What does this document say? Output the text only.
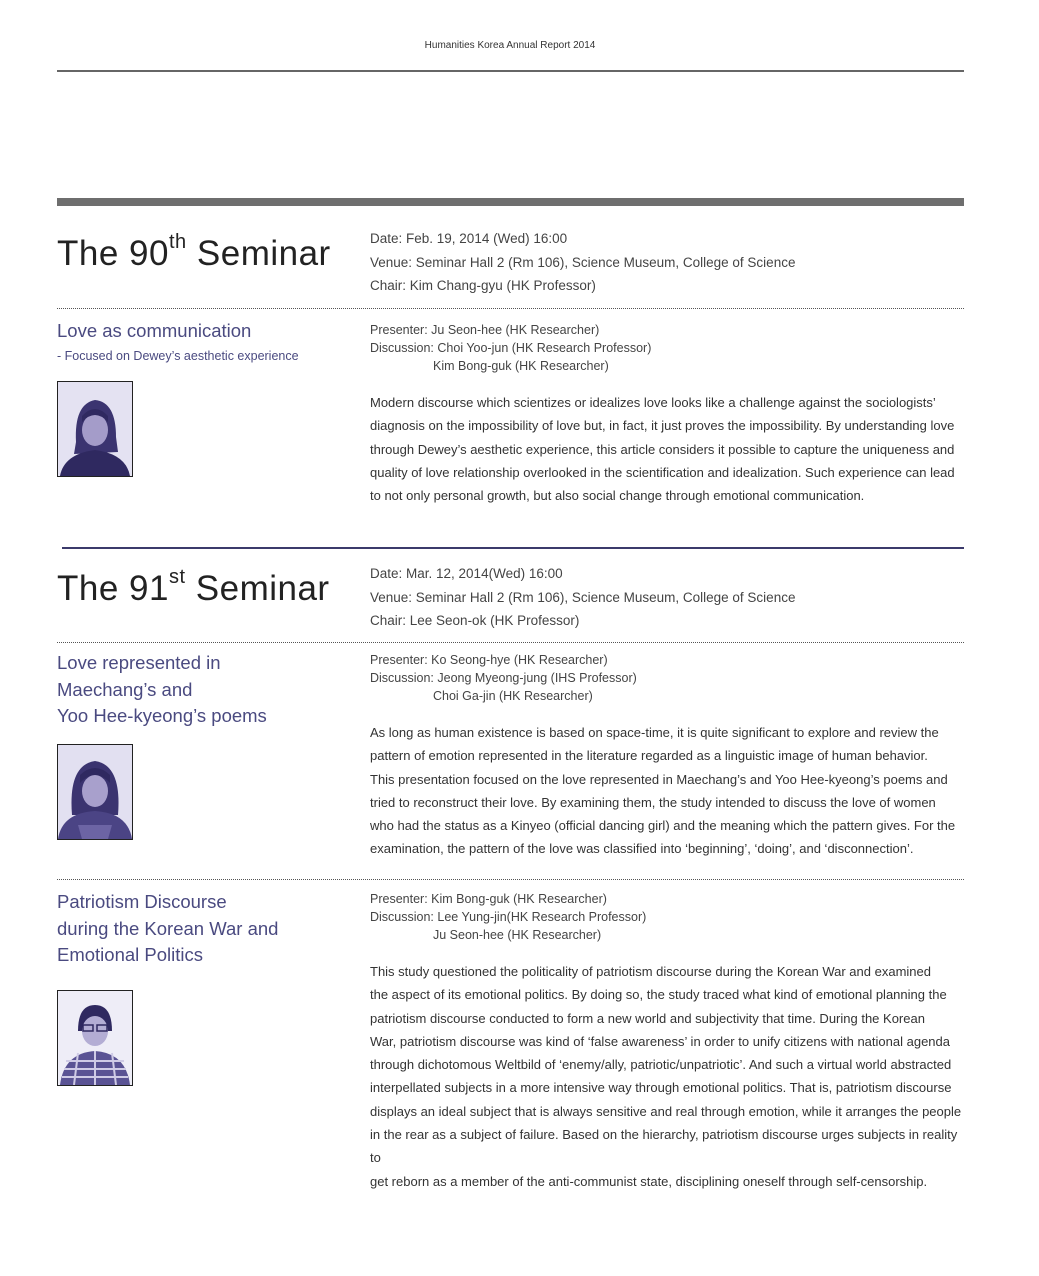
Humanities Korea Annual Report 2014
The 90th Seminar	Date: Feb. 19, 2014 (Wed) 16:00
Venue: Seminar Hall 2 (Rm 106), Science Museum, College of Science
Chair: Kim Chang-gyu (HK Professor)
Love as communication
- Focused on Dewey’s aesthetic experience
Presenter: Ju Seon-hee (HK Researcher)
Discussion: Choi Yoo-jun (HK Research Professor)
Kim Bong-guk (HK Researcher)
Modern discourse which scientizes or idealizes love looks like a challenge against the sociologists’
diagnosis on the impossibility of love but, in fact, it just proves the impossibility. By understanding love
through Dewey’s aesthetic experience, this article considers it possible to capture the uniqueness and
quality of love relationship overlooked in the scientification and idealization. Such experience can lead
to not only personal growth, but also social change through emotional communication.
The 91st Seminar	Date: Mar. 12, 2014(Wed) 16:00
Venue: Seminar Hall 2 (Rm 106), Science Museum, College of Science
Chair: Lee Seon-ok (HK Professor)
Love represented in
Maechang’s and
Yoo Hee-kyeong’s poems
Presenter: Ko Seong-hye (HK Researcher)
Discussion: Jeong Myeong-jung (IHS Professor)
Choi Ga-jin (HK Researcher)
As long as human existence is based on space-time, it is quite significant to explore and review the
pattern of emotion represented in the literature regarded as a linguistic image of human behavior.
This presentation focused on the love represented in Maechang’s and Yoo Hee-kyeong’s poems and
tried to reconstruct their love. By examining them, the study intended to discuss the love of women
who had the status as a Kinyeo (official dancing girl) and the meaning which the pattern gives. For the
examination, the pattern of the love was classified into ‘beginning’, ‘doing’, and ‘disconnection’.
Patriotism Discourse
during the Korean War and
Emotional Politics
Presenter: Kim Bong-guk (HK Researcher)
Discussion: Lee Yung-jin(HK Research Professor)
Ju Seon-hee (HK Researcher)
This study questioned the politicality of patriotism discourse during the Korean War and examined
the aspect of its emotional politics. By doing so, the study traced what kind of emotional planning the
patriotism discourse conducted to form a new world and subjectivity that time. During the Korean
War, patriotism discourse was kind of ‘false awareness’ in order to unify citizens with national agenda
through dichotomous Weltbild of ‘enemy/ally, patriotic/unpatriotic’. And such a virtual world abstracted
interpellated subjects in a more intensive way through emotional politics. That is, patriotism discourse
displays an ideal subject that is always sensitive and real through emotion, while it arranges the people
in the rear as a subject of failure. Based on the hierarchy, patriotism discourse urges subjects in reality to
get reborn as a member of the anti-communist state, disciplining oneself through self-censorship.
